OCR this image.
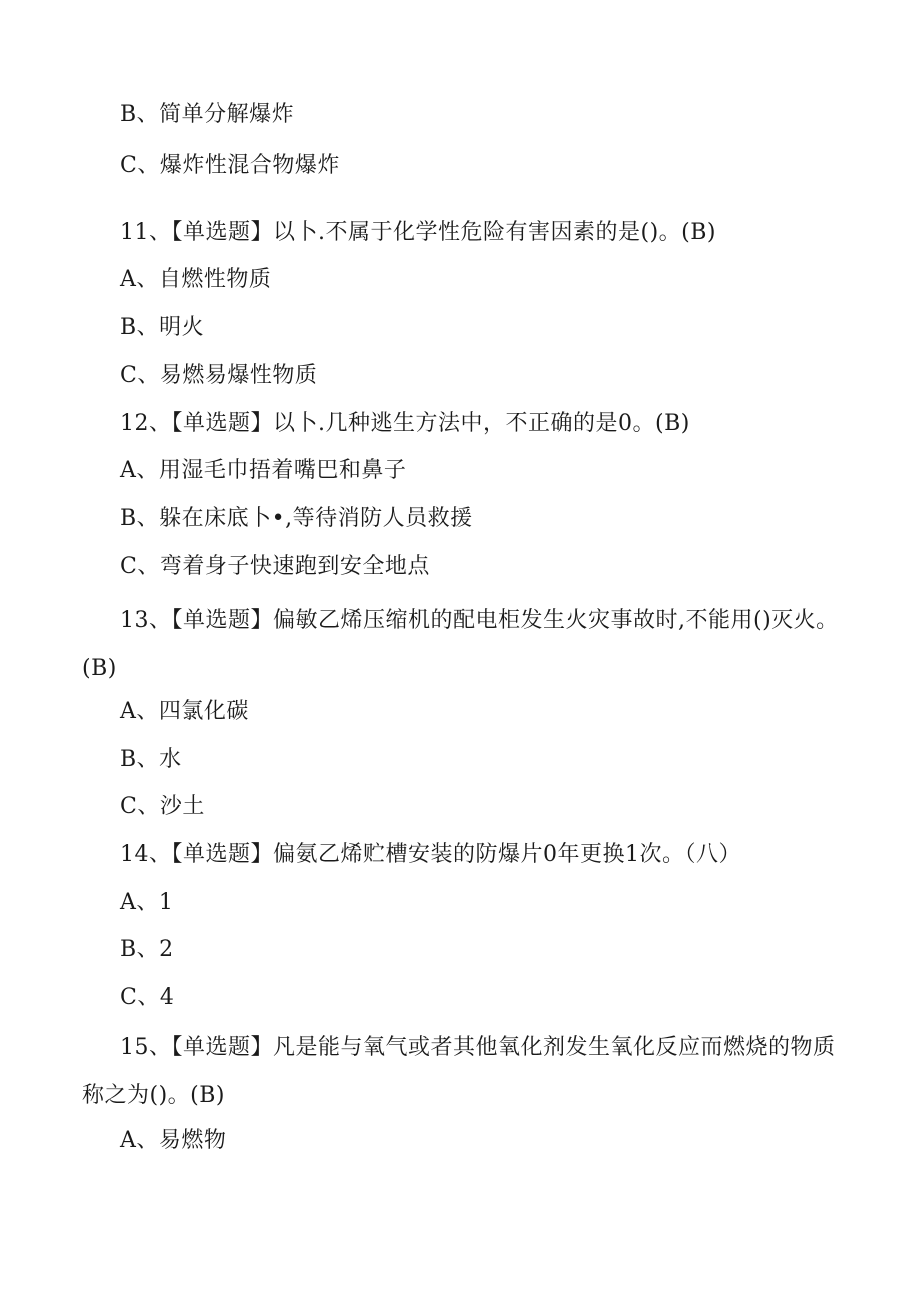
B、简单分解爆炸
C、爆炸性混合物爆炸
11、【单选题】以卜.不属于化学性危险有害因素的是()。(B)
A、自燃性物质
B、明火
C、易燃易爆性物质
12、【单选题】以卜.几种逃生方法中，不正确的是0。(B)
A、用湿毛巾捂着嘴巴和鼻子
B、躲在床底卜•,等待消防人员救援
C、弯着身子快速跑到安全地点
13、【单选题】偏敏乙烯压缩机的配电柜发生火灾事故时,不能用()灭火。(B)
A、四氯化碳
B、水
C、沙土
14、【单选题】偏氨乙烯贮槽安装的防爆片0年更换1次。（八）
A、1
B、2
C、4
15、【单选题】凡是能与氧气或者其他氧化剂发生氧化反应而燃烧的物质称之为()。(B)
A、易燃物
